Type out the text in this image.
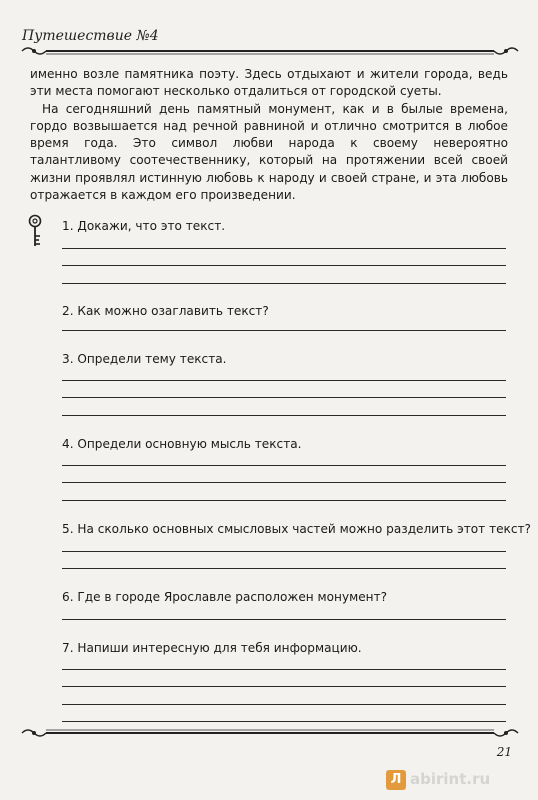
Путешествие №4

именно возле памятника поэту. Здесь отдыхают и жители города, ведь эти места помогают несколько отдалиться от городской суеты.

На сегодняшний день памятный монумент, как и в былые времена, гордо возвышается над речной равниной и отлично смотрится в любое время года. Это символ любви народа к своему невероятно талантливому соотечественнику, который на протяжении всей своей жизни проявлял истинную любовь к народу и своей стране, и эта любовь отражается в каждом его произведении.

1. Докажи, что это текст.
2. Как можно озаглавить текст?
3. Определи тему текста.
4. Определи основную мысль текста.
5. На сколько основных смысловых частей можно разделить этот текст?
6. Где в городе Ярославле расположен монумент?
7. Напиши интересную для тебя информацию.
21
Л abirint.ru
